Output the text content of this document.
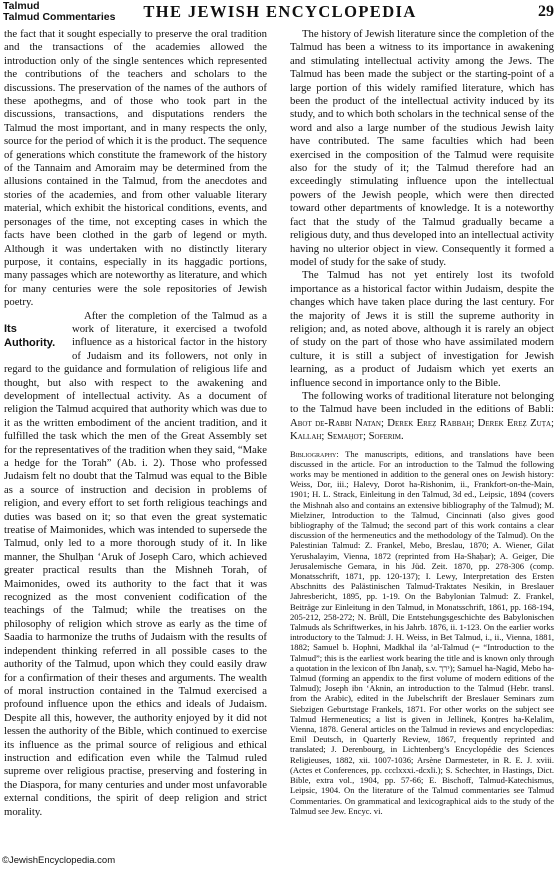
Talmud
Talmud Commentaries	THE JEWISH ENCYCLOPEDIA	29

the fact that it sought especially to preserve the oral tradition and the transactions of the academies allowed the introduction only of the single sentences which represented the contributions of the teachers and scholars to the discussions. The preservation of the names of the authors of these apothegms, and of those who took part in the discussions, transactions, and disputations renders the Talmud the most important, and in many respects the only, source for the period of which it is the product. The sequence of generations which constitute the framework of the history of the Tannaim and Amoraim may be determined from the allusions contained in the Talmud, from the anecdotes and stories of the academies, and from other valuable literary material, which exhibit the historical conditions, events, and personages of the time, not excepting cases in which the facts have been clothed in the garb of legend or myth. Although it was undertaken with no distinctly literary purpose, it contains, especially in its haggadic portions, many passages which are noteworthy as literature, and which for many centuries were the sole repositories of Jewish poetry.

Its
Authority.
After the completion of the Talmud as a work of literature, it exercised a twofold influence as a historical factor in the history of Judaism and its followers, not only in regard to the guidance and formulation of religious life and thought, but also with respect to the awakening and development of intellectual activity. As a document of religion the Talmud acquired that authority which was due to it as the written embodiment of the ancient tradition, and it fulfilled the task which the men of the Great Assembly set for the representatives of the tradition when they said, “Make a hedge for the Torah” (Ab. i. 2). Those who professed Judaism felt no doubt that the Talmud was equal to the Bible as a source of instruction and decision in problems of religion, and every effort to set forth religious teachings and duties was based on it; so that even the great systematic treatise of Maimonides, which was intended to supersede the Talmud, only led to a more thorough study of it. In like manner, the Shulḥan ‘Aruk of Joseph Caro, which achieved greater practical results than the Mishneh Torah, of Maimonides, owed its authority to the fact that it was recognized as the most convenient codification of the teachings of the Talmud; while the treatises on the philosophy of religion which strove as early as the time of Saadia to harmonize the truths of Judaism with the results of independent thinking referred in all possible cases to the authority of the Talmud, upon which they could easily draw for a confirmation of their theses and arguments. The wealth of moral instruction contained in the Talmud exercised a profound influence upon the ethics and ideals of Judaism. Despite all this, however, the authority enjoyed by it did not lessen the authority of the Bible, which continued to exercise its influence as the primal source of religious and ethical instruction and edification even while the Talmud ruled supreme over religious practise, preserving and fostering in the Diaspora, for many centuries and under most unfavorable external conditions, the spirit of deep religion and strict morality.

The history of Jewish literature since the completion of the Talmud has been a witness to its importance in awakening and stimulating intellectual activity among the Jews. The Talmud has been made the subject or the starting-point of a large portion of this widely ramified literature, which has been the product of the intellectual activity induced by its study, and to which both scholars in the technical sense of the word and also a large number of the studious Jewish laity have contributed. The same faculties which had been exercised in the composition of the Talmud were requisite also for the study of it; the Talmud therefore had an exceedingly stimulating influence upon the intellectual powers of the Jewish people, which were then directed toward other departments of knowledge. It is a noteworthy fact that the study of the Talmud gradually became a religious duty, and thus developed into an intellectual activity having no ulterior object in view. Consequently it formed a model of study for the sake of study.

The Talmud has not yet entirely lost its twofold importance as a historical factor within Judaism, despite the changes which have taken place during the last century. For the majority of Jews it is still the supreme authority in religion; and, as noted above, although it is rarely an object of study on the part of those who have assimilated modern culture, it is still a subject of investigation for Jewish learning, as a product of Judaism which yet exerts an influence second in importance only to the Bible.

The following works of traditional literature not belonging to the Talmud have been included in the editions of Babli: Abot de-Rabbi Natan; Derek Ereẓ Rabbah; Derek Ereẓ Zuṭa; Kallah; Semaḥot; Soferim.

Bibliography: The manuscripts, editions, and translations have been discussed in the article. For an introduction to the Talmud the following works may be mentioned in addition to the general ones on Jewish history: Weiss, Dor, iii.; Halevy, Dorot ha-Rishonim, ii., Frankfort-on-the-Main, 1901; H. L. Strack, Einleitung in den Talmud, 3d ed., Leipsic, 1894 (covers the Mishnah also and contains an extensive bibliography of the Talmud); M. Mielziner, Introduction to the Talmud, Cincinnati (also gives good bibliography of the Talmud; the second part of this work contains a clear discussion of the hermeneutics and the methodology of the Talmud). On the Palestinian Talmud: Z. Frankel, Mebo, Breslau, 1870; A. Wiener, Gilat Yerushalayim, Vienna, 1872 (reprinted from Ha-Shaḥar); A. Geiger, Die Jerusalemische Gemara, in his Jüd. Zeit. 1870, pp. 278-306 (comp. Monatsschrift, 1871, pp. 120-137); I. Lewy, Interpretation des Ersten Abschnitts des Palästinischen Talmud-Traktates Nesikin, in Breslauer Jahresbericht, 1895, pp. 1-19. On the Babylonian Talmud: Z. Frankel, Beiträge zur Einleitung in den Talmud, in Monatsschrift, 1861, pp. 168-194, 205-212, 258-272; N. Brüll, Die Entstehungsgeschichte des Babylonischen Talmuds als Schriftwerkes, in his Jahrb. 1876, ii. 1-123. On the earlier works introductory to the Talmud: J. H. Weiss, in Bet Talmud, i., ii., Vienna, 1881, 1882; Samuel b. Hophni, Madkhal ila ’al-Talmud (= “Introduction to the Talmud”; this is the earliest work bearing the title and is known only through a quotation in the lexicon of Ibn Janaḥ, s.v. ירך); Samuel ha-Nagid, Mebo ha-Talmud (forming an appendix to the first volume of modern editions of the Talmud); Joseph ibn ‘Aknin, an introduction to the Talmud (Hebr. transl. from the Arabic), edited in the Jubelschrift der Breslauer Seminars zum Siebzigen Geburtstage Frankels, 1871. For other works on the subject see Talmud Hermeneutics; a list is given in Jellinek, Ḳonṭres ha-Kelalim, Vienna, 1878. General articles on the Talmud in reviews and encyclopedias: Emil Deutsch, in Quarterly Review, 1867, frequently reprinted and translated; J. Derenbourg, in Lichtenberg’s Encyclopédie des Sciences Religieuses, 1882, xii. 1007-1036; Arsène Darmesteter, in R. E. J. xviii. (Actes et Conferences, pp. ccclxxxi.-dcxli.); S. Schechter, in Hastings, Dict. Bible, extra vol., 1904, pp. 57-66; E. Bischoff, Talmud-Katechismus, Leipsic, 1904. On the literature of the Talmud commentaries see Talmud Commentaries. On grammatical and lexicographical aids to the study of the Talmud see Jew. Encyc. vi.

©JewishEncyclopedia.com
